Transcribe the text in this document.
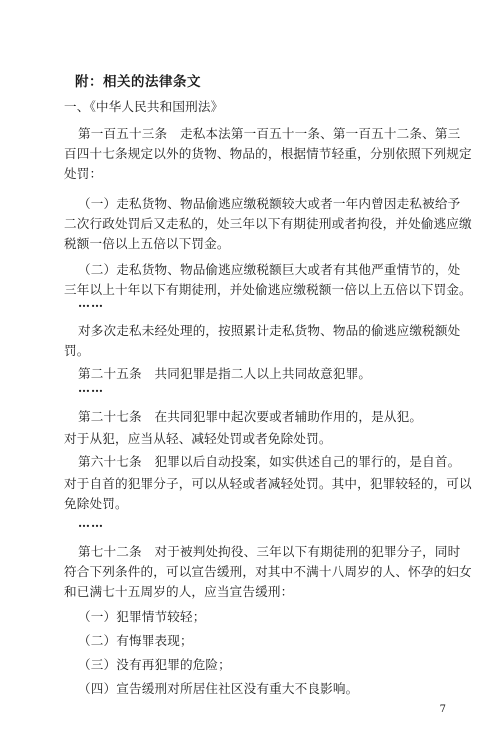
附：相关的法律条文
一、《中华人民共和国刑法》
第一百五十三条　走私本法第一百五十一条、第一百五十二条、第三
百四十七条规定以外的货物、物品的，根据情节轻重，分别依照下列规定
处罚：
（一）走私货物、物品偷逃应缴税额较大或者一年内曾因走私被给予
二次行政处罚后又走私的，处三年以下有期徒刑或者拘役，并处偷逃应缴
税额一倍以上五倍以下罚金。
（二）走私货物、物品偷逃应缴税额巨大或者有其他严重情节的，处
三年以上十年以下有期徒刑，并处偷逃应缴税额一倍以上五倍以下罚金。
……
对多次走私未经处理的，按照累计走私货物、物品的偷逃应缴税额处
罚。
第二十五条　共同犯罪是指二人以上共同故意犯罪。
……
第二十七条　在共同犯罪中起次要或者辅助作用的，是从犯。
对于从犯，应当从轻、减轻处罚或者免除处罚。
第六十七条　犯罪以后自动投案，如实供述自己的罪行的，是自首。
对于自首的犯罪分子，可以从轻或者减轻处罚。其中，犯罪较轻的，可以
免除处罚。
……
第七十二条　对于被判处拘役、三年以下有期徒刑的犯罪分子，同时
符合下列条件的，可以宣告缓刑，对其中不满十八周岁的人、怀孕的妇女
和已满七十五周岁的人，应当宣告缓刑：
（一）犯罪情节较轻；
（二）有悔罪表现；
（三）没有再犯罪的危险；
（四）宣告缓刑对所居住社区没有重大不良影响。
7
